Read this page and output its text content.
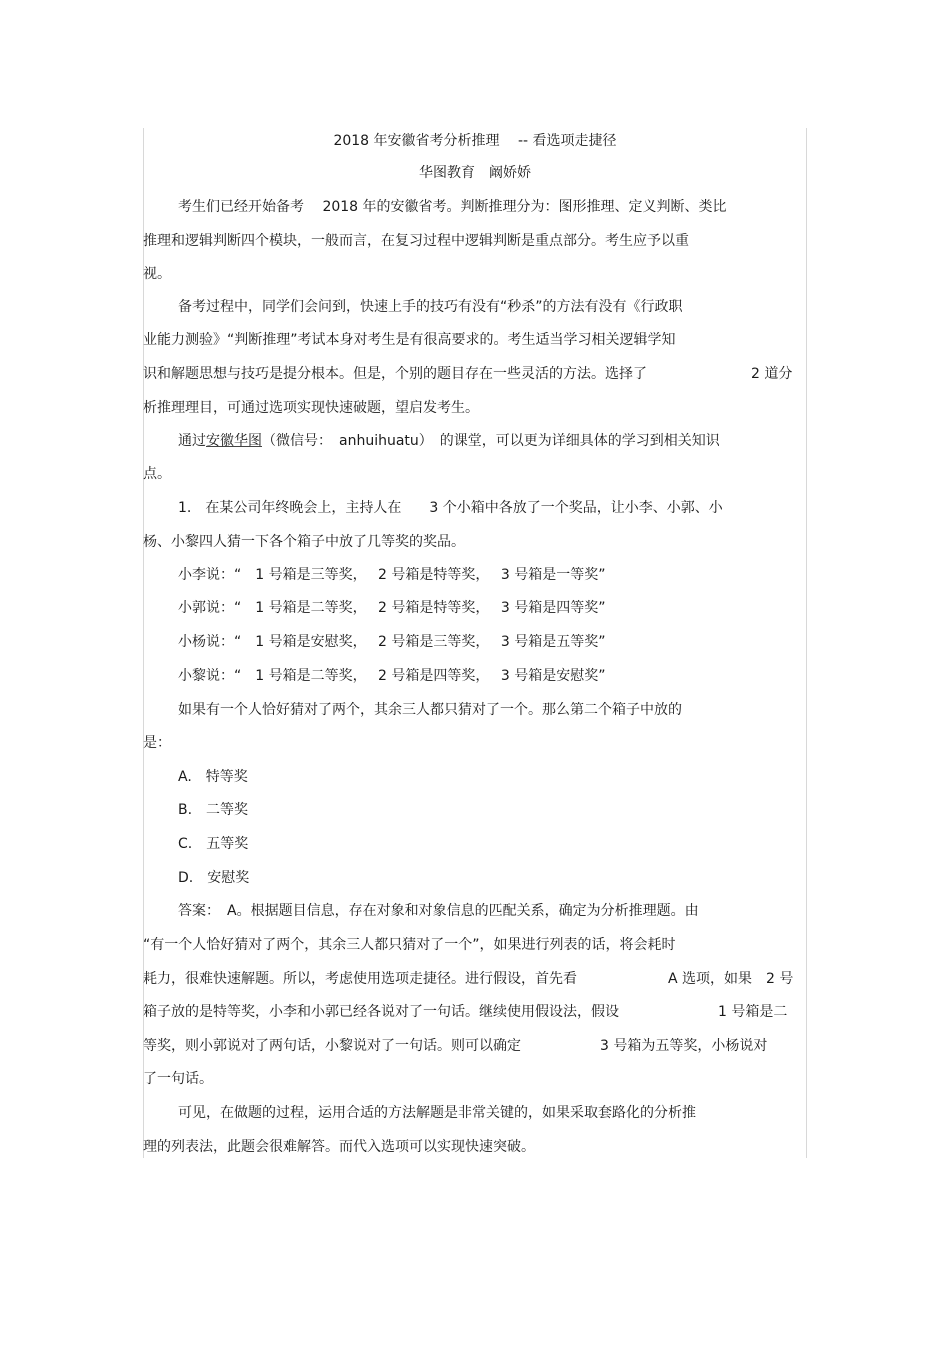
2018 年安徽省考分析推理　 -- 看选项走捷径
华图教育　阚娇娇
考生们已经开始备考　 2018 年的安徽省考。判断推理分为：图形推理、定义判断、类比
推理和逻辑判断四个模块，一般而言，在复习过程中逻辑判断是重点部分。考生应予以重
视。
备考过程中，同学们会问到，快速上手的技巧有没有“秒杀”的方法有没有《行政职
业能力测验》“判断推理”考试本身对考生是有很高要求的。考生适当学习相关逻辑学知
识和解题思想与技巧是提分根本。但是，个别的题目存在一些灵活的方法。选择了	2 道分
析推理理目，可通过选项实现快速破题，望启发考生。
通过安徽华图（微信号：　anhuihuatu）　的课堂，可以更为详细具体的学习到相关知识
点。
1.　在某公司年终晚会上，主持人在　　3 个小箱中各放了一个奖品，让小李、小郭、小
杨、小黎四人猜一下各个箱子中放了几等奖的奖品。
小李说：“　1 号箱是三等奖，　 2 号箱是特等奖，　 3 号箱是一等奖”
小郭说：“　1 号箱是二等奖，　 2 号箱是特等奖，　 3 号箱是四等奖”
小杨说：“　1 号箱是安慰奖，　 2 号箱是三等奖，　 3 号箱是五等奖”
小黎说：“　1 号箱是二等奖，　 2 号箱是四等奖，　 3 号箱是安慰奖”
如果有一个人恰好猜对了两个，其余三人都只猜对了一个。那么第二个箱子中放的
是：
A.　特等奖
B.　二等奖
C.　五等奖
D.　安慰奖
答案：　A。根据题目信息，存在对象和对象信息的匹配关系，确定为分析推理题。由
“有一个人恰好猜对了两个，其余三人都只猜对了一个”，如果进行列表的话，将会耗时
耗力，很难快速解题。所以，考虑使用选项走捷径。进行假设，首先看	A 选项，如果　2 号
箱子放的是特等奖，小李和小郭已经各说对了一句话。继续使用假设法，假设	1 号箱是二
等奖，则小郭说对了两句话，小黎说对了一句话。则可以确定	3 号箱为五等奖，小杨说对
了一句话。
可见，在做题的过程，运用合适的方法解题是非常关键的，如果采取套路化的分析推
理的列表法，此题会很难解答。而代入选项可以实现快速突破。
